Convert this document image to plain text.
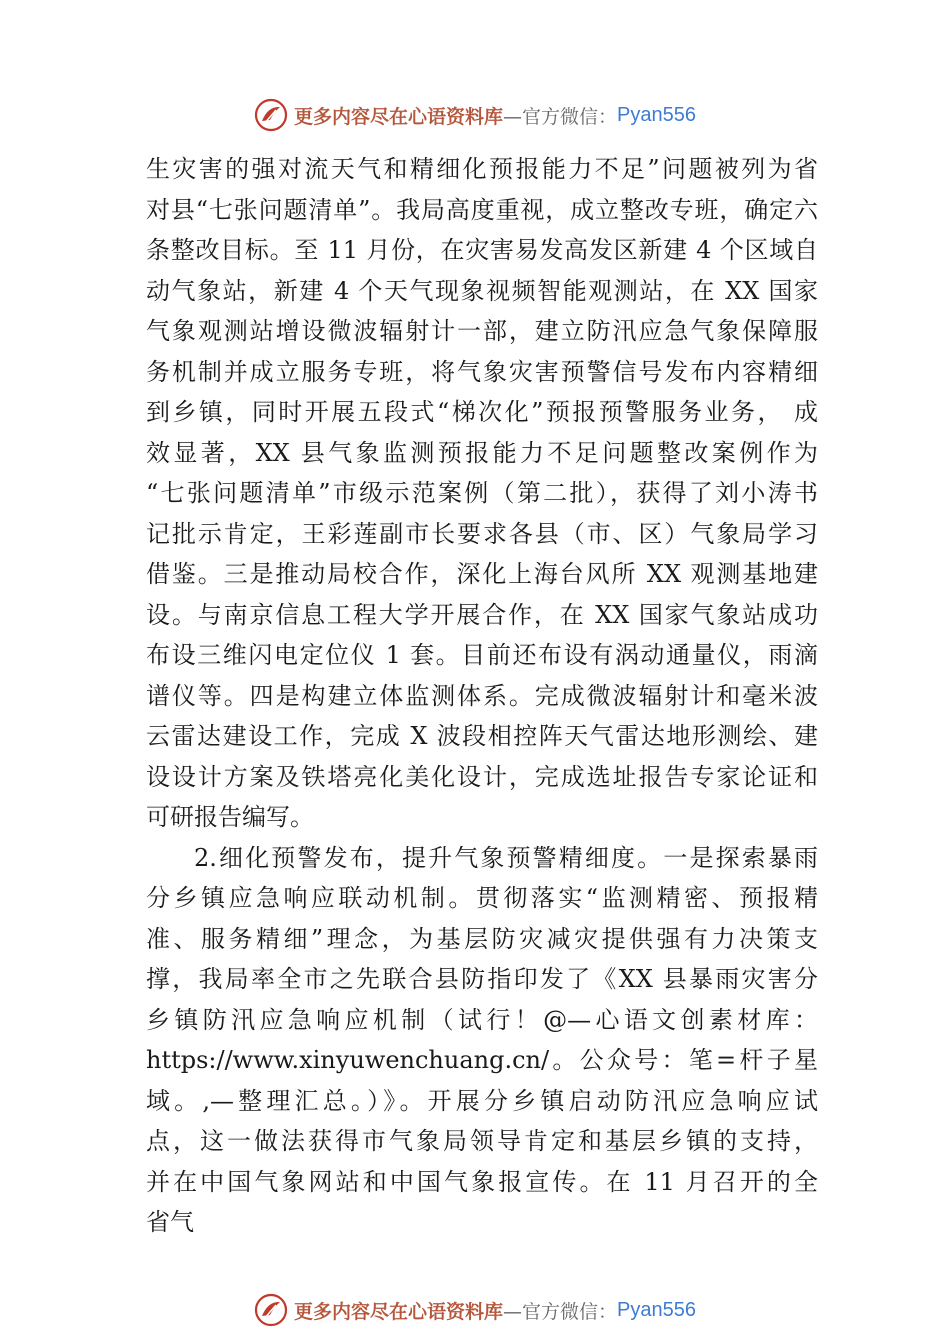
更多内容尽在心语资料库 —官方微信： Pyan556
生灾害的强对流天气和精细化预报能力不足”问题被列为省
对县“七张问题清单”。我局高度重视，成立整改专班，确定六
条整改目标。至 11 月份，在灾害易发高发区新建 4 个区域自
动气象站，新建 4 个天气现象视频智能观测站，在 XX 国家
气象观测站增设微波辐射计一部，建立防汛应急气象保障服
务机制并成立服务专班，将气象灾害预警信号发布内容精细
到乡镇，同时开展五段式“梯次化”预报预警服务业务， 成
效显著，XX 县气象监测预报能力不足问题整改案例作为
“七张问题清单”市级示范案例（第二批），获得了刘小涛书
记批示肯定，王彩莲副市长要求各县（市、区）气象局学习
借鉴。三是推动局校合作，深化上海台风所 XX 观测基地建
设。与南京信息工程大学开展合作，在 XX 国家气象站成功
布设三维闪电定位仪 1 套。目前还布设有涡动通量仪，雨滴
谱仪等。四是构建立体监测体系。完成微波辐射计和毫米波
云雷达建设工作，完成 X 波段相控阵天气雷达地形测绘、建
设设计方案及铁塔亮化美化设计，完成选址报告专家论证和
可研报告编写。
2.细化预警发布，提升气象预警精细度。一是探索暴雨
分乡镇应急响应联动机制。贯彻落实“监测精密、预报精
准、服务精细”理念，为基层防灾减灾提供强有力决策支
撑，我局率全市之先联合县防指印发了《XX 县暴雨灾害分
乡镇防汛应急响应机制（试行！@—心语文创素材库：
https://www.xinyuwenchuang.cn/。公众号：笔=杆子星
域。,—整理汇总。）》。开展分乡镇启动防汛应急响应试
点，这一做法获得市气象局领导肯定和基层乡镇的支持，
并在中国气象网站和中国气象报宣传。在 11 月召开的全
省气
更多内容尽在心语资料库 —官方微信： Pyan556
